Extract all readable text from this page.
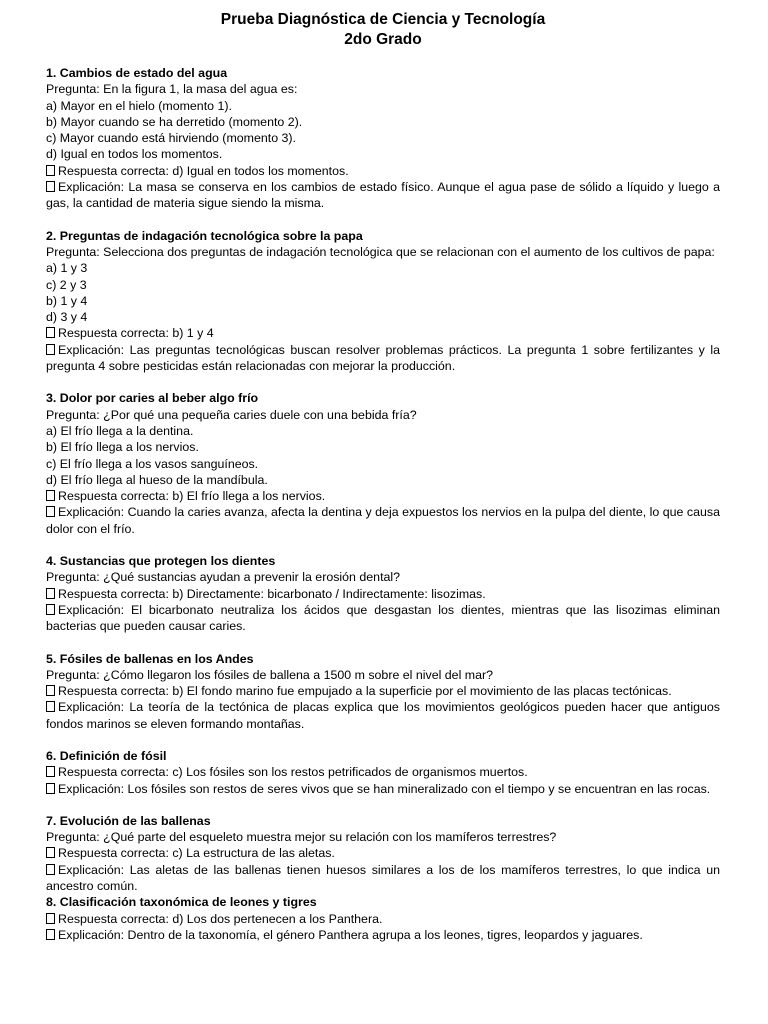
Prueba Diagnóstica de Ciencia y Tecnología
2do Grado
1. Cambios de estado del agua
Pregunta: En la figura 1, la masa del agua es:
a) Mayor en el hielo (momento 1).
b) Mayor cuando se ha derretido (momento 2).
c) Mayor cuando está hirviendo (momento 3).
d) Igual en todos los momentos.
Respuesta correcta: d) Igual en todos los momentos.
Explicación: La masa se conserva en los cambios de estado físico. Aunque el agua pase de sólido a líquido y luego a gas, la cantidad de materia sigue siendo la misma.
2. Preguntas de indagación tecnológica sobre la papa
Pregunta: Selecciona dos preguntas de indagación tecnológica que se relacionan con el aumento de los cultivos de papa:
a) 1 y 3
c) 2 y 3
b) 1 y 4
d) 3 y 4
Respuesta correcta: b) 1 y 4
Explicación: Las preguntas tecnológicas buscan resolver problemas prácticos. La pregunta 1 sobre fertilizantes y la pregunta 4 sobre pesticidas están relacionadas con mejorar la producción.
3. Dolor por caries al beber algo frío
Pregunta: ¿Por qué una pequeña caries duele con una bebida fría?
a) El frío llega a la dentina.
b) El frío llega a los nervios.
c) El frío llega a los vasos sanguíneos.
d) El frío llega al hueso de la mandíbula.
Respuesta correcta: b) El frío llega a los nervios.
Explicación: Cuando la caries avanza, afecta la dentina y deja expuestos los nervios en la pulpa del diente, lo que causa dolor con el frío.
4. Sustancias que protegen los dientes
Pregunta: ¿Qué sustancias ayudan a prevenir la erosión dental?
Respuesta correcta: b) Directamente: bicarbonato / Indirectamente: lisozimas.
Explicación: El bicarbonato neutraliza los ácidos que desgastan los dientes, mientras que las lisozimas eliminan bacterias que pueden causar caries.
5. Fósiles de ballenas en los Andes
Pregunta: ¿Cómo llegaron los fósiles de ballena a 1500 m sobre el nivel del mar?
Respuesta correcta: b) El fondo marino fue empujado a la superficie por el movimiento de las placas tectónicas.
Explicación: La teoría de la tectónica de placas explica que los movimientos geológicos pueden hacer que antiguos fondos marinos se eleven formando montañas.
6. Definición de fósil
Respuesta correcta: c) Los fósiles son los restos petrificados de organismos muertos.
Explicación: Los fósiles son restos de seres vivos que se han mineralizado con el tiempo y se encuentran en las rocas.
7. Evolución de las ballenas
Pregunta: ¿Qué parte del esqueleto muestra mejor su relación con los mamíferos terrestres?
Respuesta correcta: c) La estructura de las aletas.
Explicación: Las aletas de las ballenas tienen huesos similares a los de los mamíferos terrestres, lo que indica un ancestro común.
8. Clasificación taxonómica de leones y tigres
Respuesta correcta: d) Los dos pertenecen a los Panthera.
Explicación: Dentro de la taxonomía, el género Panthera agrupa a los leones, tigres, leopardos y jaguares.
